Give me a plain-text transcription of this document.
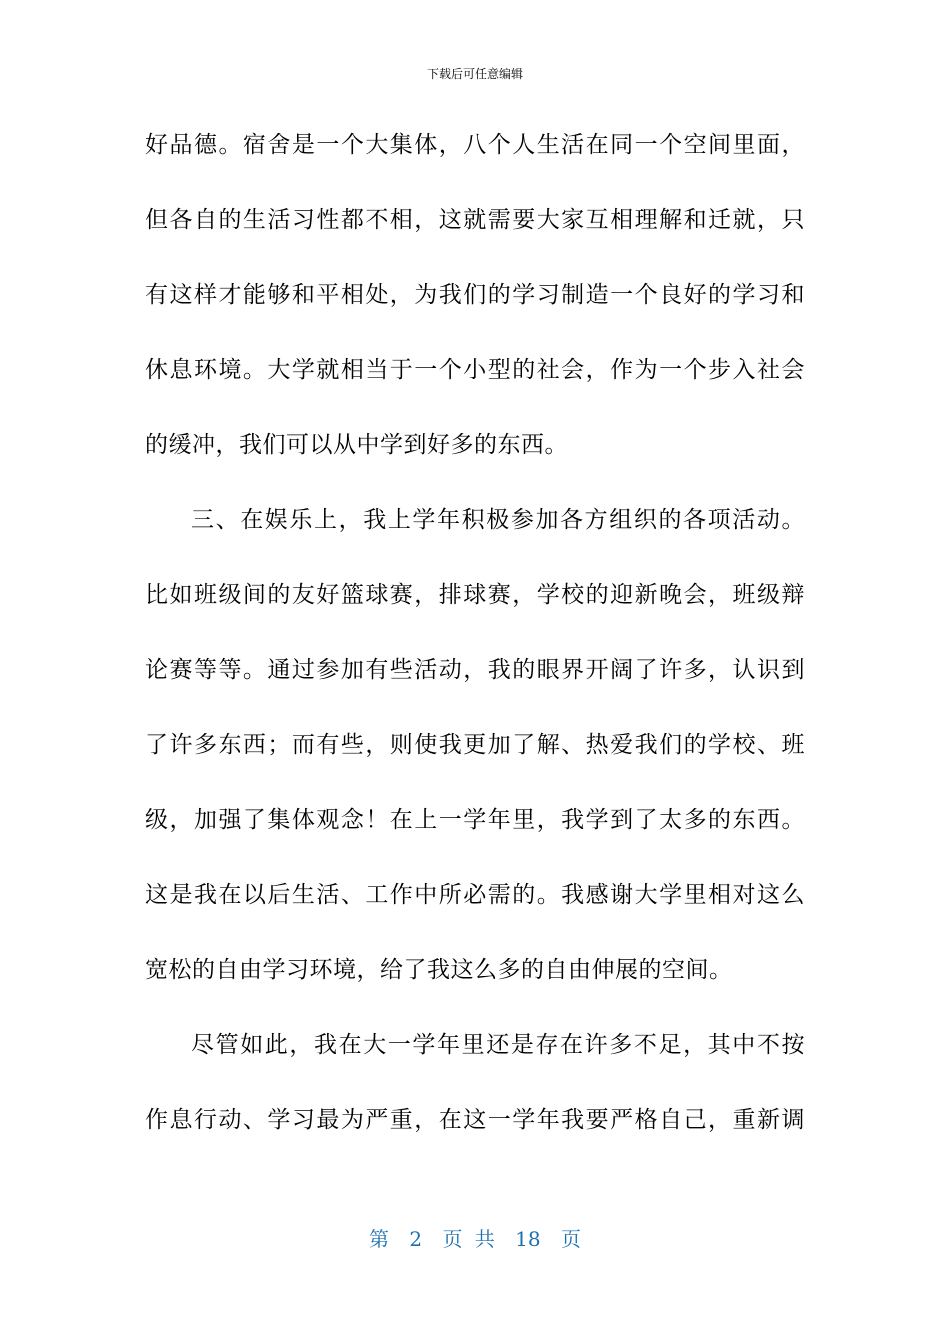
下载后可任意编辑
好品德。宿舍是一个大集体，八个人生活在同一个空间里面，
但各自的生活习性都不相，这就需要大家互相理解和迁就，只
有这样才能够和平相处，为我们的学习制造一个良好的学习和
休息环境。大学就相当于一个小型的社会，作为一个步入社会
的缓冲，我们可以从中学到好多的东西。
三、在娱乐上，我上学年积极参加各方组织的各项活动。
比如班级间的友好篮球赛，排球赛，学校的迎新晚会，班级辩
论赛等等。通过参加有些活动，我的眼界开阔了许多，认识到
了许多东西；而有些，则使我更加了解、热爱我们的学校、班
级，加强了集体观念！在上一学年里，我学到了太多的东西。
这是我在以后生活、工作中所必需的。我感谢大学里相对这么
宽松的自由学习环境，给了我这么多的自由伸展的空间。
尽管如此，我在大一学年里还是存在许多不足，其中不按
作息行动、学习最为严重，在这一学年我要严格自己，重新调
第 2 页 共 18 页
